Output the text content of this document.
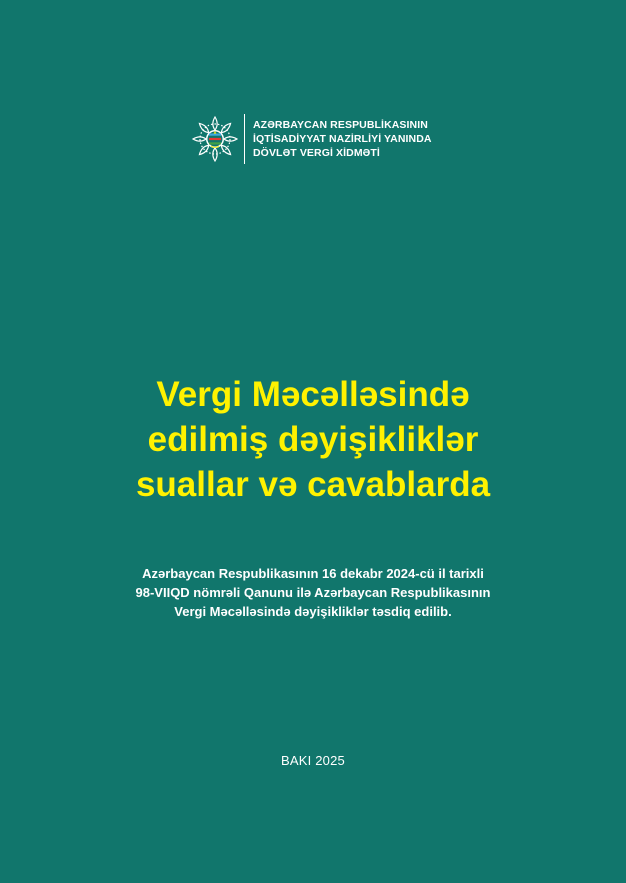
AZƏRBAYCAN RESPUBLİKASININ
İQTİSADİYYAT NAZİRLİYİ YANINDA
DÖVLƏT VERGİ XİDMƏTİ
Vergi Məcəlləsində
edilmiş dəyişikliklər
suallar və cavablarda
Azərbaycan Respublikasının 16 dekabr 2024-cü il tarixli
98-VIIQD nömrəli Qanunu ilə Azərbaycan Respublikasının
Vergi Məcəlləsində dəyişikliklər təsdiq edilib.
BAKI 2025
